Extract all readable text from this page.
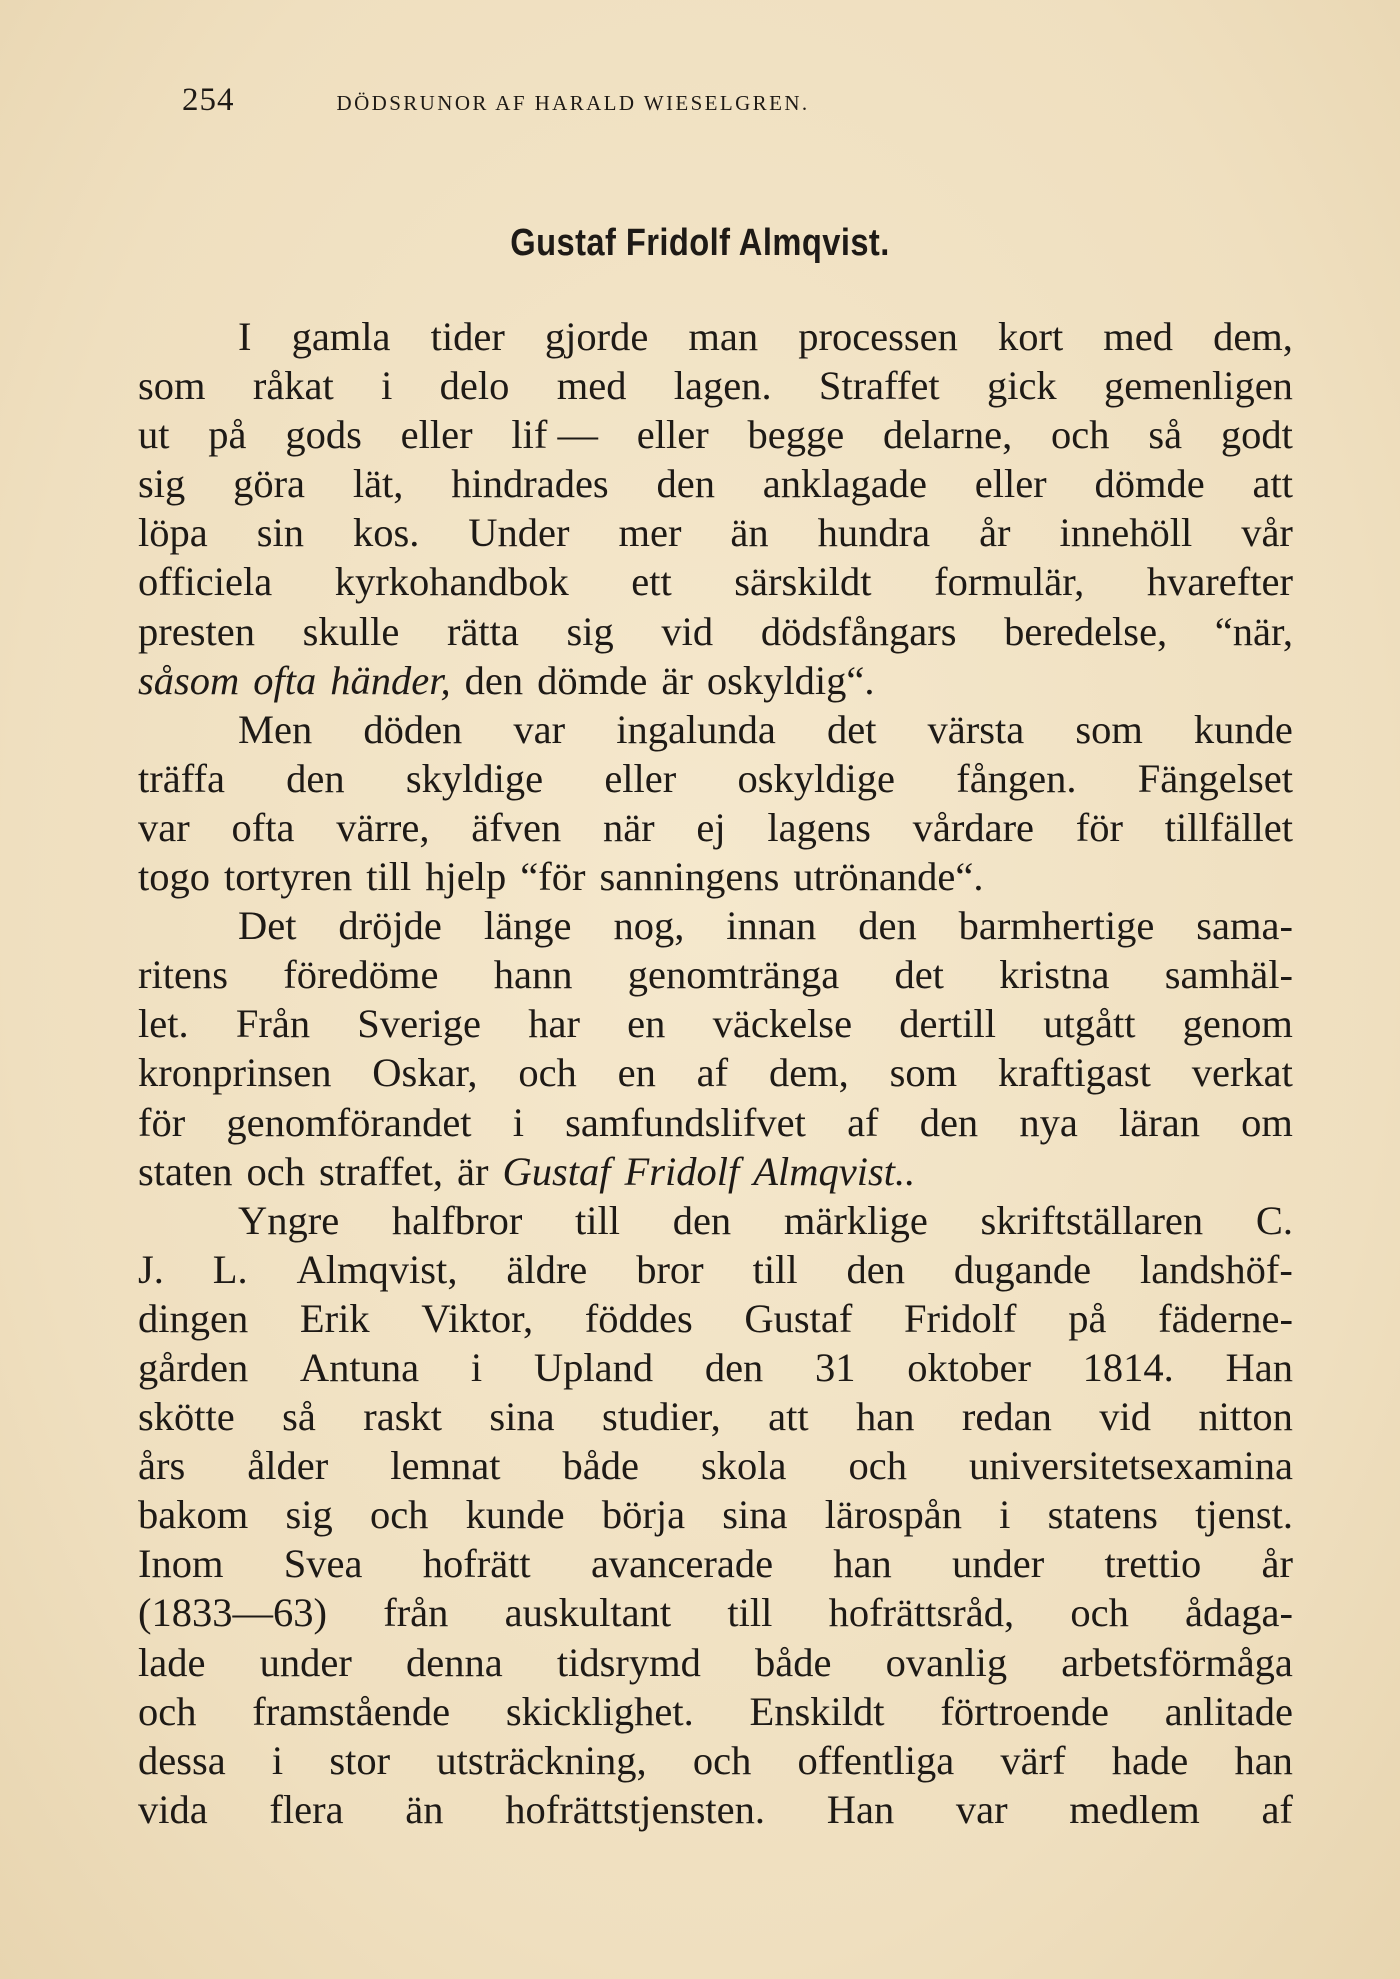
254	DÖDSRUNOR AF HARALD WIESELGREN.
Gustaf Fridolf Almqvist.
I gamla tider gjorde man processen kort med dem,
som råkat i delo med lagen. Straffet gick gemenligen
ut på gods eller lif — eller begge delarne, och så godt
sig göra lät, hindrades den anklagade eller dömde att
löpa sin kos. Under mer än hundra år innehöll vår
officiela kyrkohandbok ett särskildt formulär, hvarefter
presten skulle rätta sig vid dödsfångars beredelse, “när,
såsom ofta händer, den dömde är oskyldig“.
Men döden var ingalunda det värsta som kunde
träffa den skyldige eller oskyldige fången. Fängelset
var ofta värre, äfven när ej lagens vårdare för tillfället
togo tortyren till hjelp “för sanningens utrönande“.
Det dröjde länge nog, innan den barmhertige sama-
ritens föredöme hann genomtränga det kristna samhäl-
let. Från Sverige har en väckelse dertill utgått genom
kronprinsen Oskar, och en af dem, som kraftigast verkat
för genomförandet i samfundslifvet af den nya läran om
staten och straffet, är Gustaf Fridolf Almqvist..
Yngre halfbror till den märklige skriftställaren C.
J. L. Almqvist, äldre bror till den dugande landshöf-
dingen Erik Viktor, föddes Gustaf Fridolf på fäderne-
gården Antuna i Upland den 31 oktober 1814. Han
skötte så raskt sina studier, att han redan vid nitton
års ålder lemnat både skola och universitetsexamina
bakom sig och kunde börja sina lärospån i statens tjenst.
Inom Svea hofrätt avancerade han under trettio år
(1833—63) från auskultant till hofrättsråd, och ådaga-
lade under denna tidsrymd både ovanlig arbetsförmåga
och framstående skicklighet. Enskildt förtroende anlitade
dessa i stor utsträckning, och offentliga värf hade han
vida flera än hofrättstjensten. Han var medlem af
